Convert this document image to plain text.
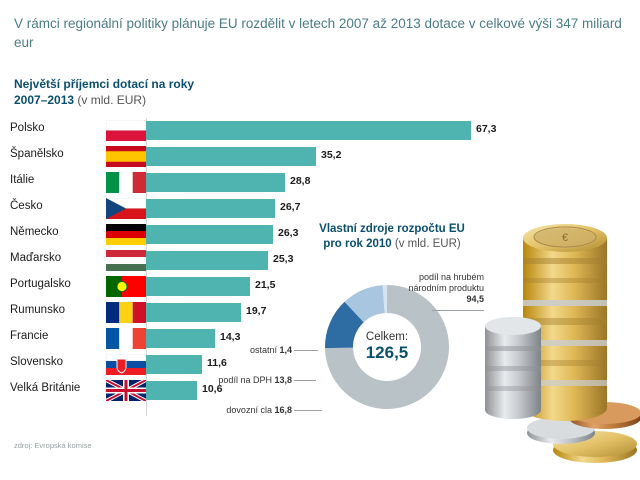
V rámci regionální politiky plánuje EU rozdělit v letech 2007 až 2013 dotace v celkové výši 347 miliard eur
Největší příjemci dotací na roky
2007–2013 (v mld. EUR)
Polsko	67,3
Španělsko	35,2
Itálie	28,8
Česko	26,7
Německo	26,3
Maďarsko	25,3
Portugalsko	21,5
Rumunsko	19,7
Francie	14,3
Slovensko	11,6
Velká Británie	10,6
Vlastní zdroje rozpočtu EU
pro rok 2010 (v mld. EUR)
Celkem:
126,5
podíl na hrubém národním produktu
94,5
ostatní 1,4
podíl na DPH 13,8
dovozní cla 16,8
€
zdroj: Evropská komise
